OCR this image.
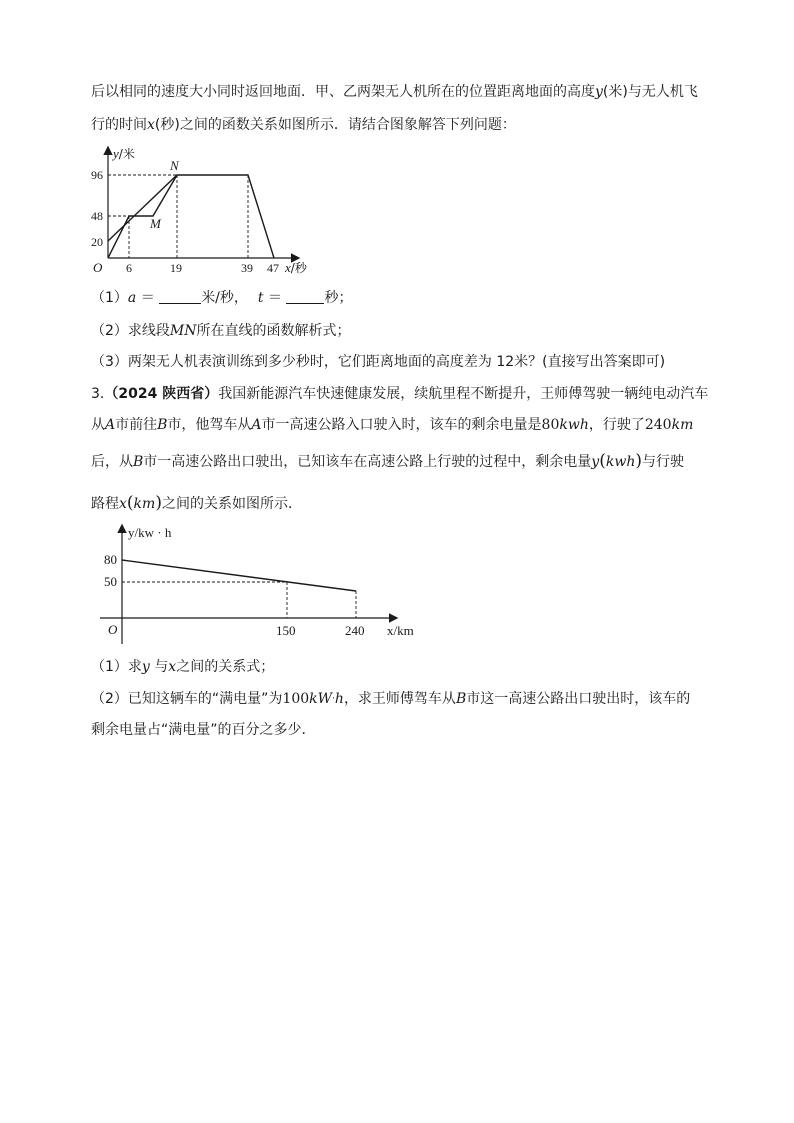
后以相同的速度大小同时返回地面．甲、乙两架无人机所在的位置距离地面的高度y(米)与无人机飞
行的时间x(秒)之间的函数关系如图所示．请结合图象解答下列问题：
y/米
N
M
96
48
20
O 6	19	39 47 x/秒
（1）a ＝	米/秒， t ＝	秒；
（2）求线段MN所在直线的函数解析式；
（3）两架无人机表演训练到多少秒时，它们距离地面的高度差为 12米？(直接写出答案即可)
3.（2024 陕西省）我国新能源汽车快速健康发展，续航里程不断提升，王师傅驾驶一辆纯电动汽车
从A市前往B市，他驾车从A市一高速公路入口驶入时，该车的剩余电量是80kwh，行驶了240km
后，从B市一高速公路出口驶出，已知该车在高速公路上行驶的过程中，剩余电量y(kwh)与行驶
路程x(km)之间的关系如图所示．
y/kw · h
80
50
O	150	240 x/km
（1）求y 与x之间的关系式；
（2）已知这辆车的“满电量”为100kW·h，求王师傅驾车从B市这一高速公路出口驶出时，该车的
剩余电量占“满电量”的百分之多少．
